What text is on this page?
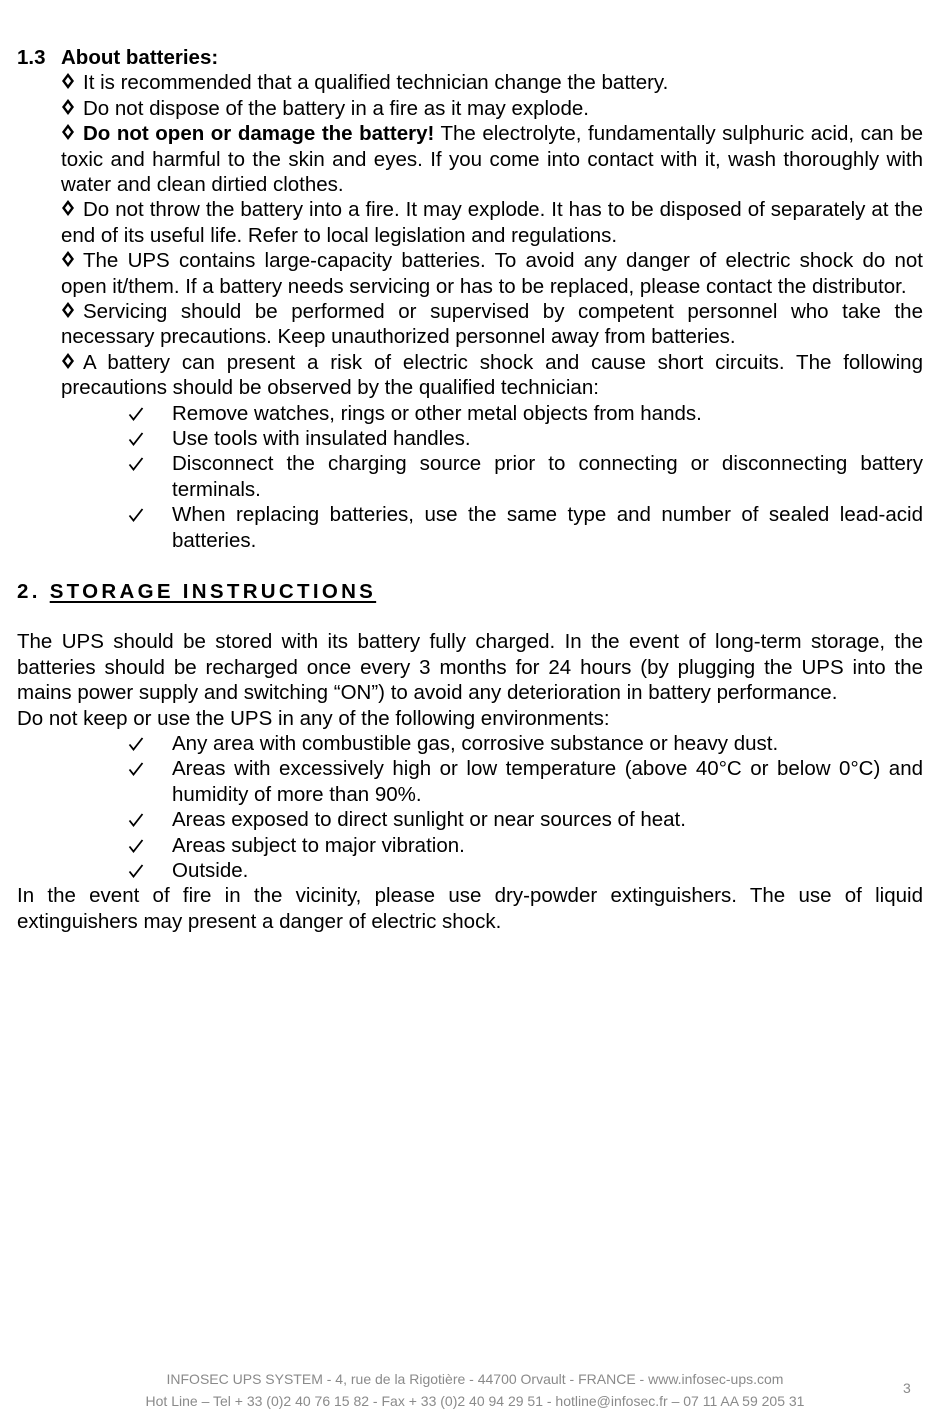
1.3 About batteries:
It is recommended that a qualified technician change the battery.
Do not dispose of the battery in a fire as it may explode.
Do not open or damage the battery! The electrolyte, fundamentally sulphuric acid, can be toxic and harmful to the skin and eyes. If you come into contact with it, wash thoroughly with water and clean dirtied clothes.
Do not throw the battery into a fire. It may explode. It has to be disposed of separately at the end of its useful life. Refer to local legislation and regulations.
The UPS contains large-capacity batteries. To avoid any danger of electric shock do not open it/them. If a battery needs servicing or has to be replaced, please contact the distributor.
Servicing should be performed or supervised by competent personnel who take the necessary precautions. Keep unauthorized personnel away from batteries.
A battery can present a risk of electric shock and cause short circuits. The following precautions should be observed by the qualified technician:
Remove watches, rings or other metal objects from hands.
Use tools with insulated handles.
Disconnect the charging source prior to connecting or disconnecting battery terminals.
When replacing batteries, use the same type and number of sealed lead-acid batteries.
2. STORAGE INSTRUCTIONS
The UPS should be stored with its battery fully charged. In the event of long-term storage, the batteries should be recharged once every 3 months for 24 hours (by plugging the UPS into the mains power supply and switching “ON”) to avoid any deterioration in battery performance.
Do not keep or use the UPS in any of the following environments:
Any area with combustible gas, corrosive substance or heavy dust.
Areas with excessively high or low temperature (above 40°C or below 0°C) and humidity of more than 90%.
Areas exposed to direct sunlight or near sources of heat.
Areas subject to major vibration.
Outside.
In the event of fire in the vicinity, please use dry-powder extinguishers. The use of liquid extinguishers may present a danger of electric shock.
INFOSEC UPS SYSTEM - 4, rue de la Rigotière - 44700 Orvault - FRANCE - www.infosec-ups.com
Hot Line – Tel + 33 (0)2 40 76 15 82 - Fax + 33 (0)2 40 94 29 51 - hotline@infosec.fr – 07 11 AA 59 205 31
3
